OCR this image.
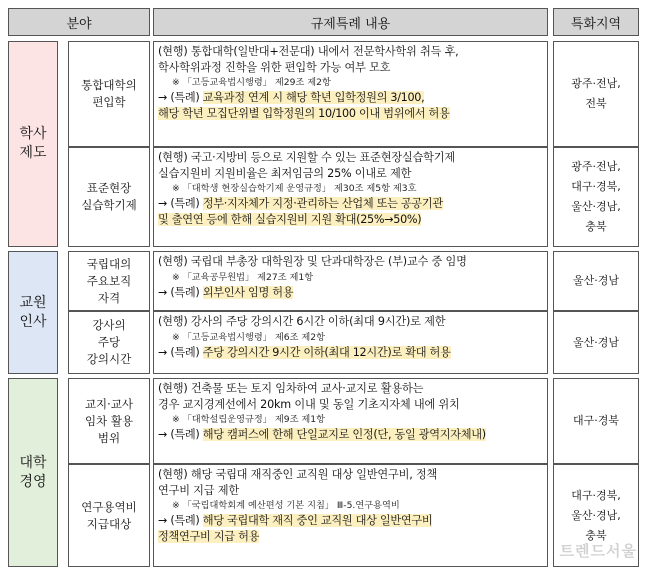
분야	규제특례 내용	특화지역
학사
제도
통합대학의
편입학
(현행) 통합대학(일반대+전문대) 내에서 전문학사학위 취득 후,
학사학위과정 진학을 위한 편입학 가능 여부 모호
※ 「고등교육법시행령」 제29조 제2항
→ (특례) 교육과정 연계 시 해당 학년 입학정원의 3/100,
해당 학년 모집단위별 입학정원의 10/100 이내 범위에서 허용
광주·전남,
전북
표준현장
실습학기제
(현행) 국고·지방비 등으로 지원할 수 있는 표준현장실습학기제
실습지원비 지원비율은 최저임금의 25% 이내로 제한
※ 「대학생 현장실습학기제 운영규정」 제30조 제5항 제3호
→ (특례) 정부·지자체가 지정·관리하는 산업체 또는 공공기관
및 출연연 등에 한해 실습지원비 지원 확대(25%→50%)
광주·전남,
대구·경북,
울산·경남,
충북
교원
인사
국립대의
주요보직
자격
(현행) 국립대 부총장 대학원장 및 단과대학장은 (부)교수 중 임명
※ 「교육공무원법」 제27조 제1항
→ (특례) 외부인사 임명 허용
울산·경남
강사의
주당
강의시간
(현행) 강사의 주당 강의시간 6시간 이하(최대 9시간)로 제한
※ 「고등교육법시행령」 제6조 제2항
→ (특례) 주당 강의시간 9시간 이하(최대 12시간)로 확대 허용
울산·경남
대학
경영
교지·교사
임차 활용
범위
(현행) 건축물 또는 토지 임차하여 교사·교지로 활용하는
경우 교지경계선에서 20km 이내 및 동일 기초지자체 내에 위치
※ 「대학설립운영규정」 제9조 제1항
→ (특례) 해당 캠퍼스에 한해 단일교지로 인정(단, 동일 광역지자체내)
대구·경북
연구용역비
지급대상
(현행) 해당 국립대 재직중인 교직원 대상 일반연구비, 정책
연구비 지급 제한
※ 「국립대학회계 예산편성 기본 지침」 Ⅲ-5.연구용역비
→ (특례) 해당 국립대학 재직 중인 교직원 대상 일반연구비
정책연구비 지급 허용
대구·경북,
울산·경남,
충북
트렌드서울
